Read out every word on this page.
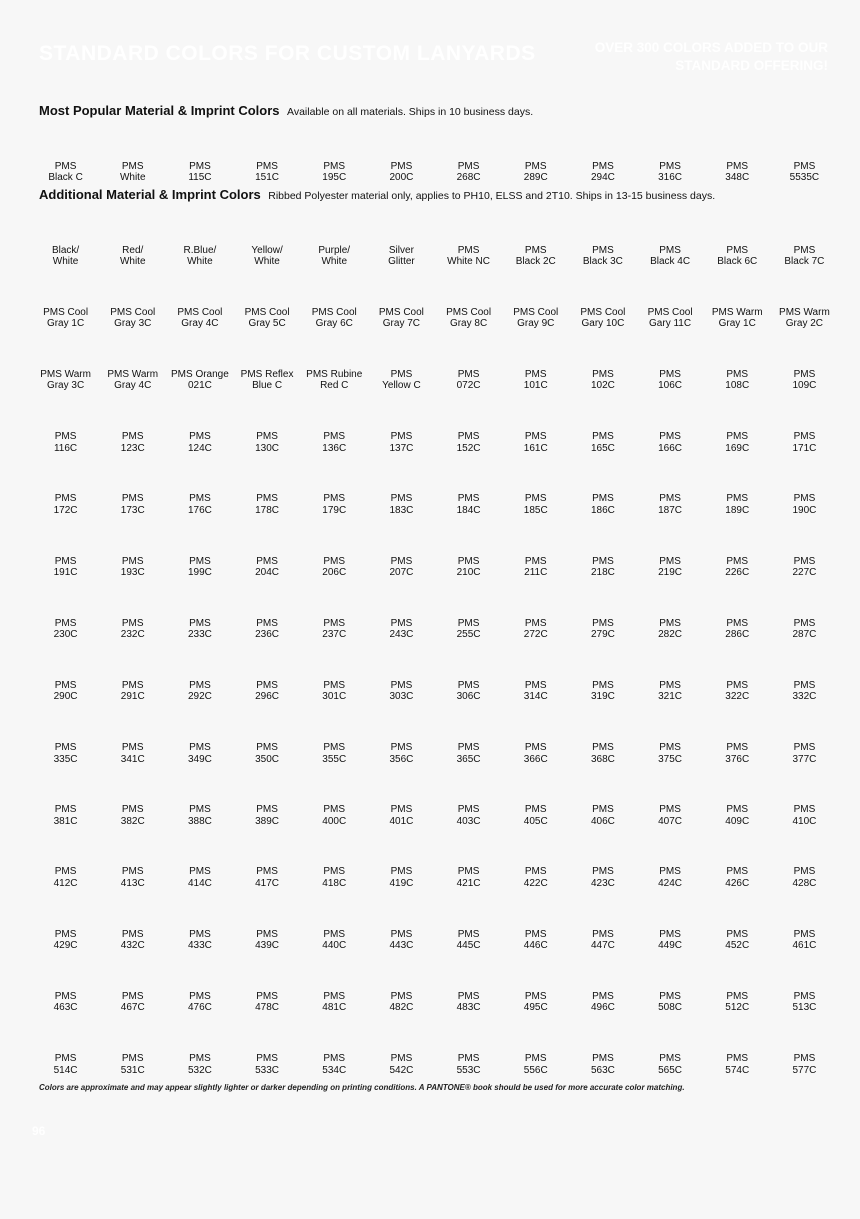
STANDARD COLORS FOR CUSTOM LANYARDS	OVER 300 COLORS ADDED TO OUR STANDARD OFFERING!
Most Popular Material & Imprint Colors Available on all materials. Ships in 10 business days.
PMS
Black C
PMS
White
PMS
115C
PMS
151C
PMS
195C
PMS
200C
PMS
268C
PMS
289C
PMS
294C
PMS
316C
PMS
348C
PMS
5535C
Additional Material & Imprint Colors Ribbed Polyester material only, applies to PH10, ELSS and 2T10. Ships in 13-15 business days.
Black/
White
Red/
White
R.Blue/
White
Yellow/
White
Purple/
White
Silver
Glitter
PMS
White NC
PMS
Black 2C
PMS
Black 3C
PMS
Black 4C
PMS
Black 6C
PMS
Black 7C
PMS Cool
Gray 1C
PMS Cool
Gray 3C
PMS Cool
Gray 4C
PMS Cool
Gray 5C
PMS Cool
Gray 6C
PMS Cool
Gray 7C
PMS Cool
Gray 8C
PMS Cool
Gray 9C
PMS Cool
Gary 10C
PMS Cool
Gary 11C
PMS Warm
Gray 1C
PMS Warm
Gray 2C
PMS Warm
Gray 3C
PMS Warm
Gray 4C
PMS Orange
021C
PMS Reflex
Blue C
PMS Rubine
Red C
PMS
Yellow C
PMS
072C
PMS
101C
PMS
102C
PMS
106C
PMS
108C
PMS
109C
PMS
116C
PMS
123C
PMS
124C
PMS
130C
PMS
136C
PMS
137C
PMS
152C
PMS
161C
PMS
165C
PMS
166C
PMS
169C
PMS
171C
PMS
172C
PMS
173C
PMS
176C
PMS
178C
PMS
179C
PMS
183C
PMS
184C
PMS
185C
PMS
186C
PMS
187C
PMS
189C
PMS
190C
PMS
191C
PMS
193C
PMS
199C
PMS
204C
PMS
206C
PMS
207C
PMS
210C
PMS
211C
PMS
218C
PMS
219C
PMS
226C
PMS
227C
PMS
230C
PMS
232C
PMS
233C
PMS
236C
PMS
237C
PMS
243C
PMS
255C
PMS
272C
PMS
279C
PMS
282C
PMS
286C
PMS
287C
PMS
290C
PMS
291C
PMS
292C
PMS
296C
PMS
301C
PMS
303C
PMS
306C
PMS
314C
PMS
319C
PMS
321C
PMS
322C
PMS
332C
PMS
335C
PMS
341C
PMS
349C
PMS
350C
PMS
355C
PMS
356C
PMS
365C
PMS
366C
PMS
368C
PMS
375C
PMS
376C
PMS
377C
PMS
381C
PMS
382C
PMS
388C
PMS
389C
PMS
400C
PMS
401C
PMS
403C
PMS
405C
PMS
406C
PMS
407C
PMS
409C
PMS
410C
PMS
412C
PMS
413C
PMS
414C
PMS
417C
PMS
418C
PMS
419C
PMS
421C
PMS
422C
PMS
423C
PMS
424C
PMS
426C
PMS
428C
PMS
429C
PMS
432C
PMS
433C
PMS
439C
PMS
440C
PMS
443C
PMS
445C
PMS
446C
PMS
447C
PMS
449C
PMS
452C
PMS
461C
PMS
463C
PMS
467C
PMS
476C
PMS
478C
PMS
481C
PMS
482C
PMS
483C
PMS
495C
PMS
496C
PMS
508C
PMS
512C
PMS
513C
PMS
514C
PMS
531C
PMS
532C
PMS
533C
PMS
534C
PMS
542C
PMS
553C
PMS
556C
PMS
563C
PMS
565C
PMS
574C
PMS
577C
Colors are approximate and may appear slightly lighter or darker depending on printing conditions. A PANTONE® book should be used for more accurate color matching.
96
